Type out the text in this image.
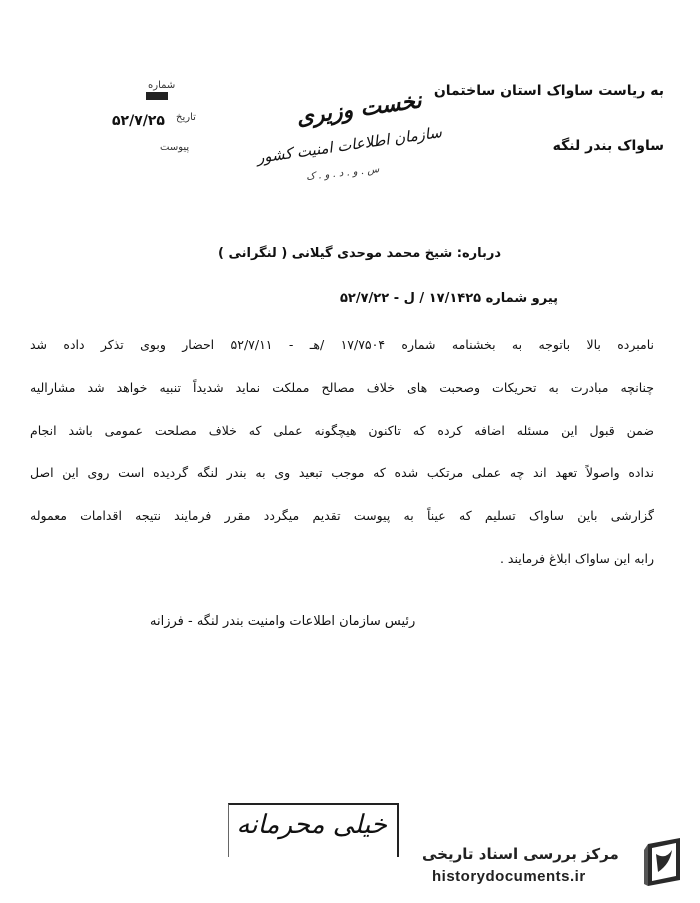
شماره
تاریخ
۵۲/۷/۲۵
پیوست
به ریاست ساواک استان ساختمان
ساواک بندر لنگه
نخست وزیری
سازمان اطلاعات امنیت کشور
س . و . د . و . ک
درباره: شیخ محمد موحدی گیلانی ( لنگرانی )
پیرو شماره ۱۷/۱۴۲۵ / ل - ۵۲/۷/۲۲
نامبرده بالا باتوجه به بخشنامه شماره ۱۷/۷۵۰۴ /هـ - ۵۲/۷/۱۱ احضار وبوی تذکر داده شد
چنانچه مبادرت به تحریکات وصحبت های خلاف مصالح مملکت نماید شدیداً تنبیه خواهد شد مشارالیه
ضمن قبول این مسئله اضافه کرده که تاکنون هیچگونه عملی که خلاف مصلحت عمومی باشد انجام
نداده واصولاً تعهد اند چه عملی مرتکب شده که موجب تبعید وی به بندر لنگه گردیده است روی این اصل
گزارشی باین ساواک تسلیم که عیناً به پیوست تقدیم میگردد مقرر فرمایند نتیجه اقدامات معموله
رابه این ساواک ابلاغ فرمایند .
رئیس سازمان اطلاعات وامنیت بندر لنگه - فرزانه
خیلی محرمانه
مرکز بررسی اسناد تاریخی
historydocuments.ir
